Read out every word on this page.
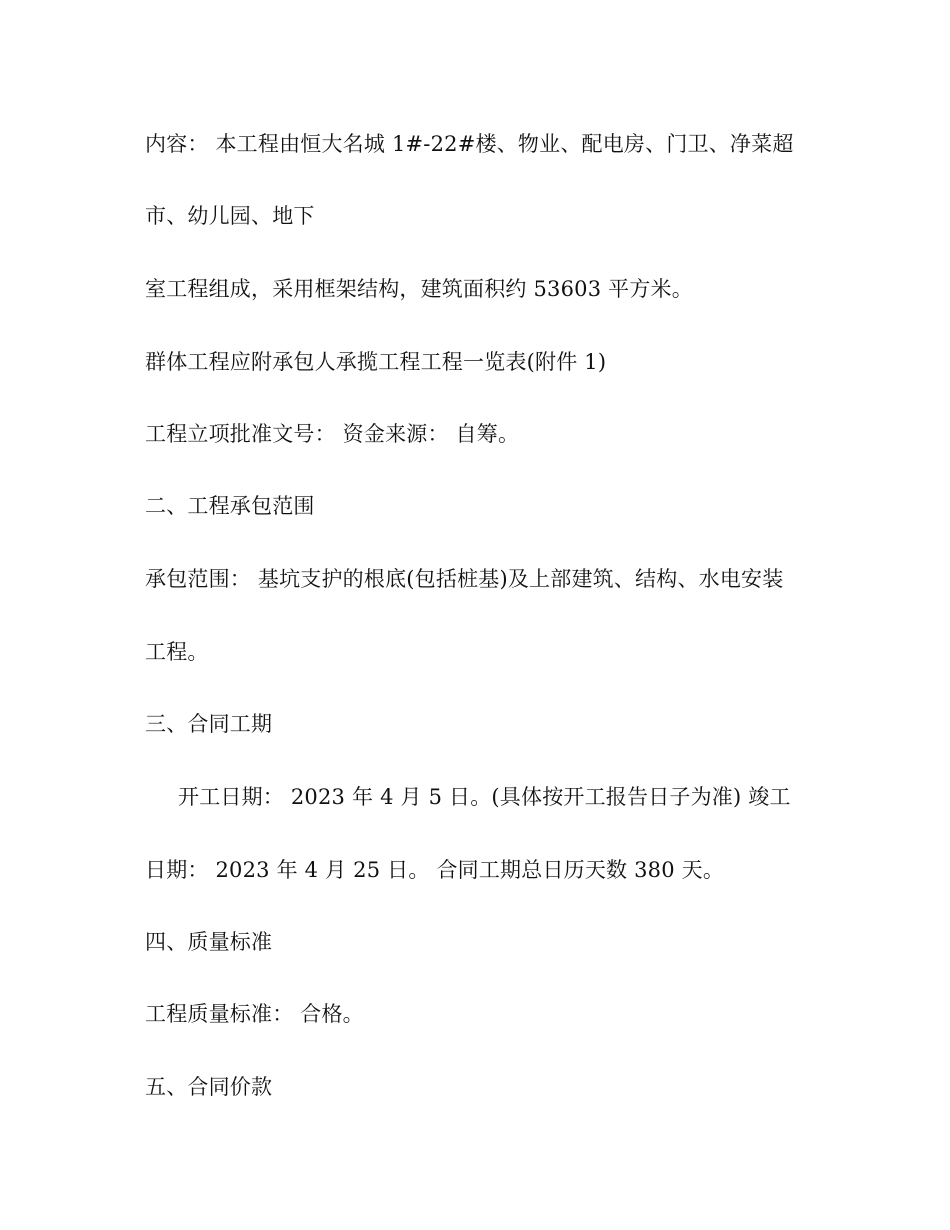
内容： 本工程由恒大名城 1#-22#楼、物业、配电房、门卫、净菜超

市、幼儿园、地下

室工程组成，采用框架结构，建筑面积约 53603 平方米。

群体工程应附承包人承揽工程工程一览表(附件 1)

工程立项批准文号： 资金来源： 自筹。

二、工程承包范围

承包范围： 基坑支护的根底(包括桩基)及上部建筑、结构、水电安装

工程。

三、合同工期

开工日期： 2023 年 4 月 5 日。(具体按开工报告日子为准) 竣工

日期： 2023 年 4 月 25 日。 合同工期总日历天数 380 天。

四、质量标准

工程质量标准： 合格。

五、合同价款
